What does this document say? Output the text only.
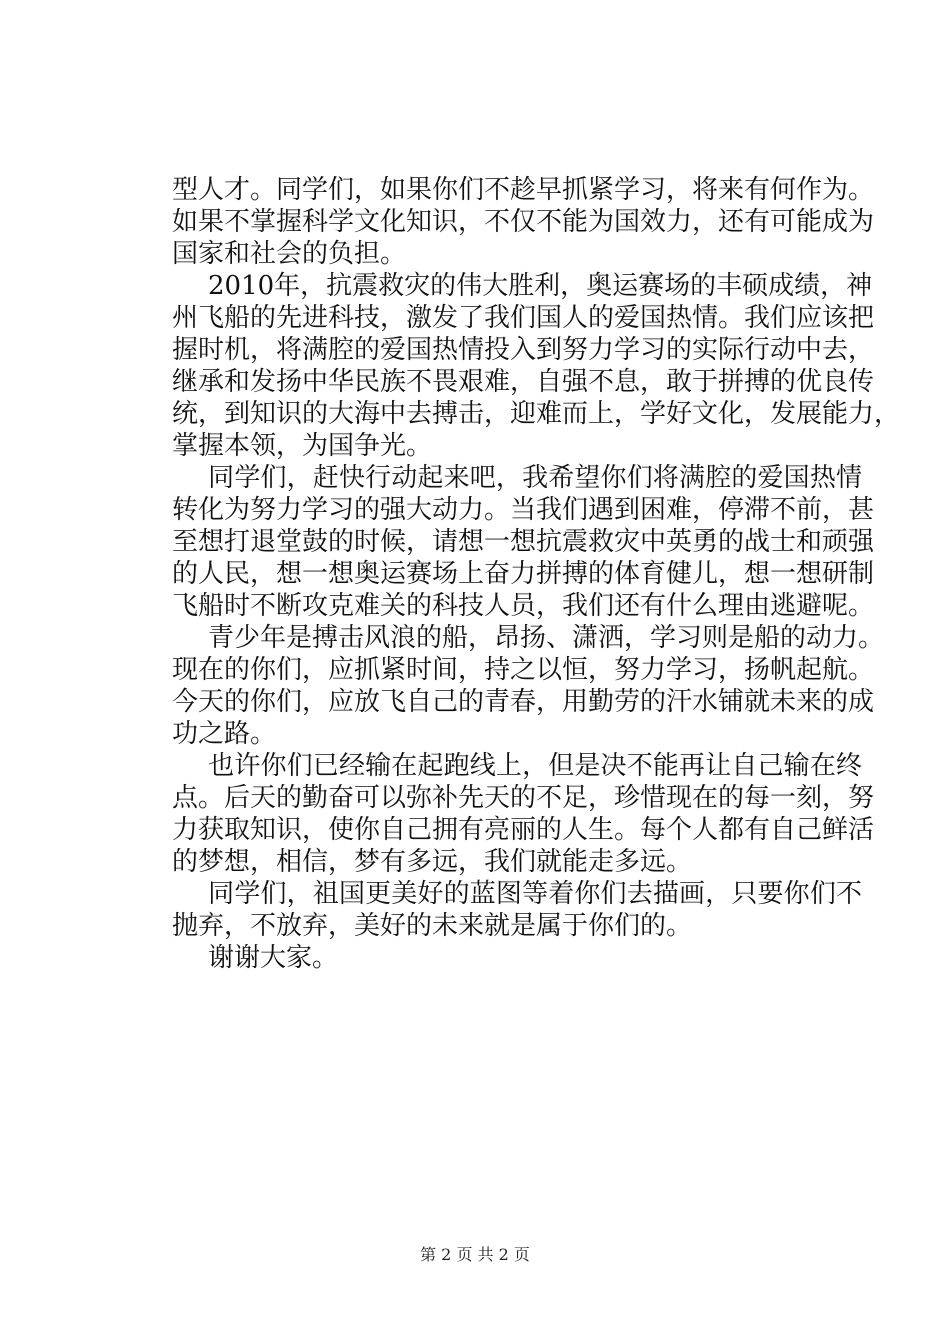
型人才。同学们，如果你们不趁早抓紧学习，将来有何作为。
如果不掌握科学文化知识，不仅不能为国效力，还有可能成为
国家和社会的负担。
　2010年，抗震救灾的伟大胜利，奥运赛场的丰硕成绩，神
州飞船的先进科技，激发了我们国人的爱国热情。我们应该把
握时机，将满腔的爱国热情投入到努力学习的实际行动中去，
继承和发扬中华民族不畏艰难，自强不息，敢于拼搏的优良传
统，到知识的大海中去搏击，迎难而上，学好文化，发展能力，
掌握本领，为国争光。
　同学们，赶快行动起来吧，我希望你们将满腔的爱国热情
转化为努力学习的强大动力。当我们遇到困难，停滞不前，甚
至想打退堂鼓的时候，请想一想抗震救灾中英勇的战士和顽强
的人民，想一想奥运赛场上奋力拼搏的体育健儿，想一想研制
飞船时不断攻克难关的科技人员，我们还有什么理由逃避呢。
　青少年是搏击风浪的船，昂扬、潇洒，学习则是船的动力。
现在的你们，应抓紧时间，持之以恒，努力学习，扬帆起航。
今天的你们，应放飞自己的青春，用勤劳的汗水铺就未来的成
功之路。
　也许你们已经输在起跑线上，但是决不能再让自己输在终
点。后天的勤奋可以弥补先天的不足，珍惜现在的每一刻，努
力获取知识，使你自己拥有亮丽的人生。每个人都有自己鲜活
的梦想，相信，梦有多远，我们就能走多远。
　同学们，祖国更美好的蓝图等着你们去描画，只要你们不
抛弃，不放弃，美好的未来就是属于你们的。
　谢谢大家。
第 2 页 共 2 页
